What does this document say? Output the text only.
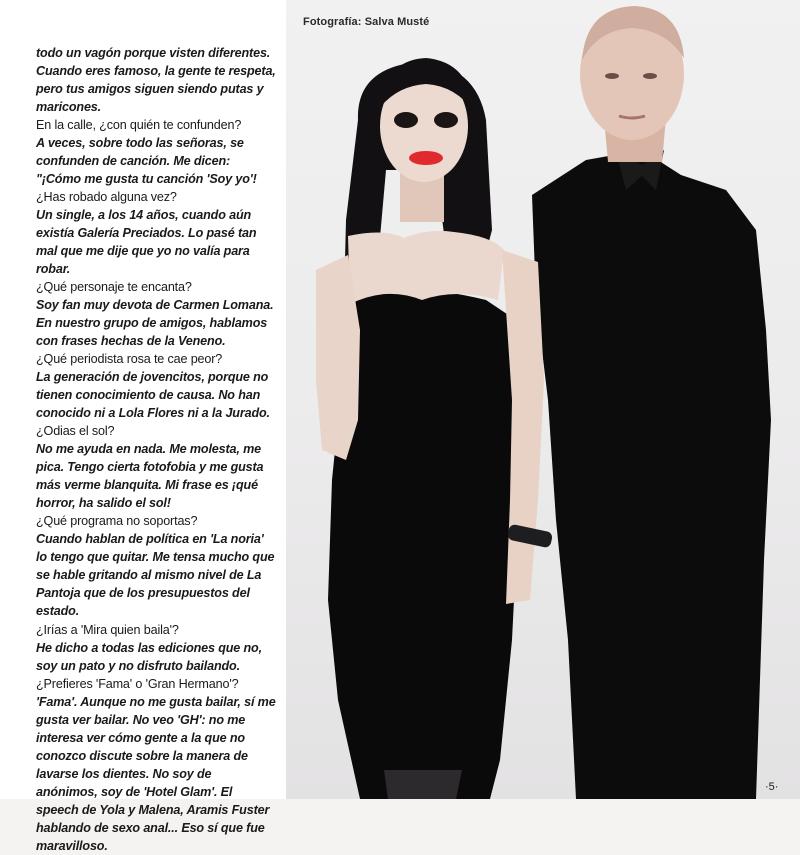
todo un vagón porque visten diferentes. Cuando eres famoso, la gente te respeta, pero tus amigos siguen siendo putas y maricones.

En la calle, ¿con quién te confunden?

A veces, sobre todo las señoras, se confunden de canción. Me dicen: "¡Cómo me gusta tu canción 'Soy yo'!

¿Has robado alguna vez?

Un single, a los 14 años, cuando aún existía Galería Preciados. Lo pasé tan mal que me dije que yo no valía para robar.

¿Qué personaje te encanta?

Soy fan muy devota de Carmen Lomana. En nuestro grupo de amigos, hablamos con frases hechas de la Veneno.

¿Qué periodista rosa te cae peor?

La generación de jovencitos, porque no tienen conocimiento de causa. No han conocido ni a Lola Flores ni a la Jurado.

¿Odias el sol?

No me ayuda en nada. Me molesta, me pica. Tengo cierta fotofobia y me gusta más verme blanquita. Mi frase es ¡qué horror, ha salido el sol!

¿Qué programa no soportas?

Cuando hablan de política en 'La noria' lo tengo que quitar. Me tensa mucho que se hable gritando al mismo nivel de La Pantoja que de los presupuestos del estado.

¿Irías a 'Mira quien baila'?

He dicho a todas las ediciones que no, soy un pato y no disfruto bailando.

¿Prefieres 'Fama' o 'Gran Hermano'?

'Fama'. Aunque no me gusta bailar, sí me gusta ver bailar. No veo 'GH': no me interesa ver cómo gente a la que no conozco discute sobre la manera de lavarse los dientes. No soy de anónimos, soy de 'Hotel Glam'. El speech de Yola y Malena, Aramis Fuster hablando de sexo anal... Eso sí que fue maravilloso.

Fotografía: Salva Musté
·5·
